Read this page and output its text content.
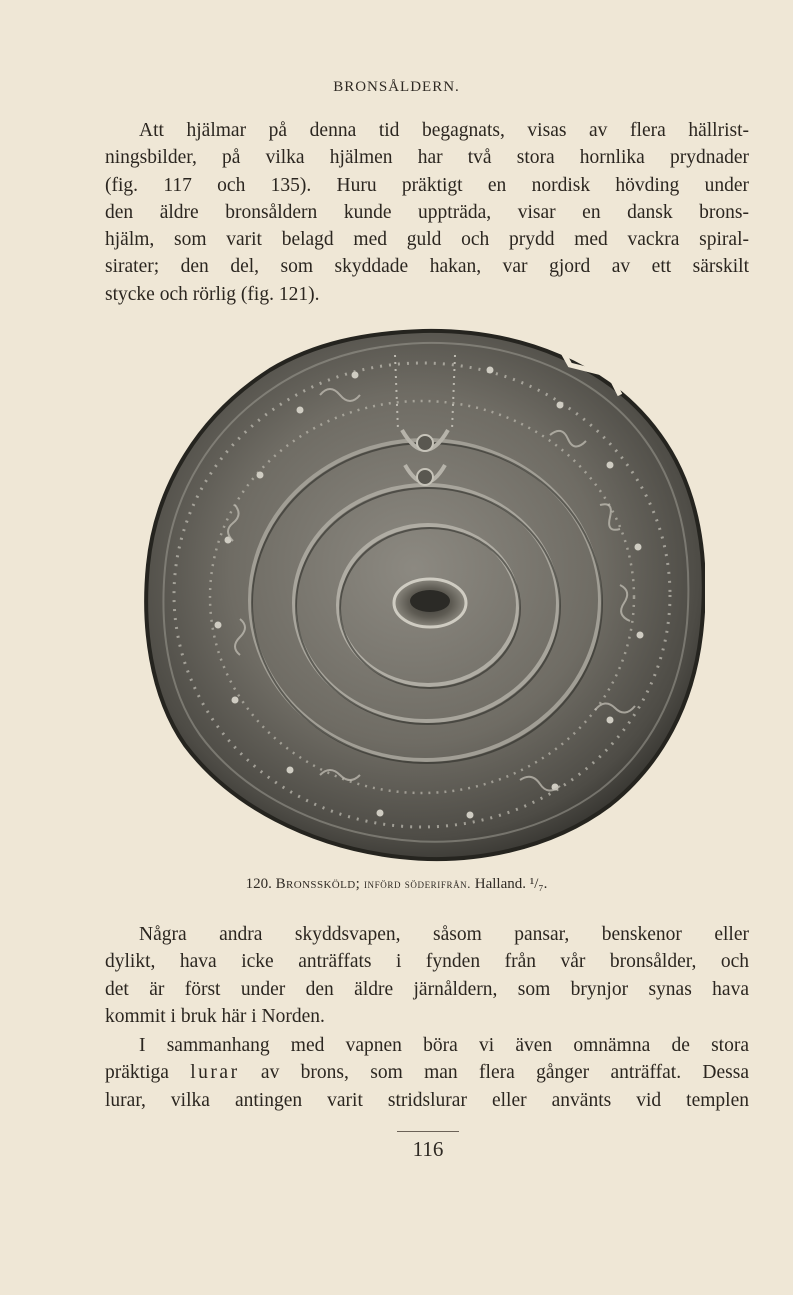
BRONSÅLDERN.

Att hjälmar på denna tid begagnats, visas av flera hällrist-
ningsbilder, på vilka hjälmen har två stora hornlika prydnader
(fig. 117 och 135). Huru präktigt en nordisk hövding under
den äldre bronsåldern kunde uppträda, visar en dansk brons-
hjälm, som varit belagd med guld och prydd med vackra spiral-
sirater; den del, som skyddade hakan, var gjord av ett särskilt
stycke och rörlig (fig. 121).

120. Bronssköld; införd söderifrån. Halland. ¹/₇.

Några andra skyddsvapen, såsom pansar, benskenor eller
dylikt, hava icke anträffats i fynden från vår bronsålder, och
det är först under den äldre järnåldern, som brynjor synas hava
kommit i bruk här i Norden.

I sammanhang med vapnen böra vi även omnämna de stora
präktiga lurar av brons, som man flera gånger anträffat. Dessa
lurar, vilka antingen varit stridslurar eller använts vid templen

116
